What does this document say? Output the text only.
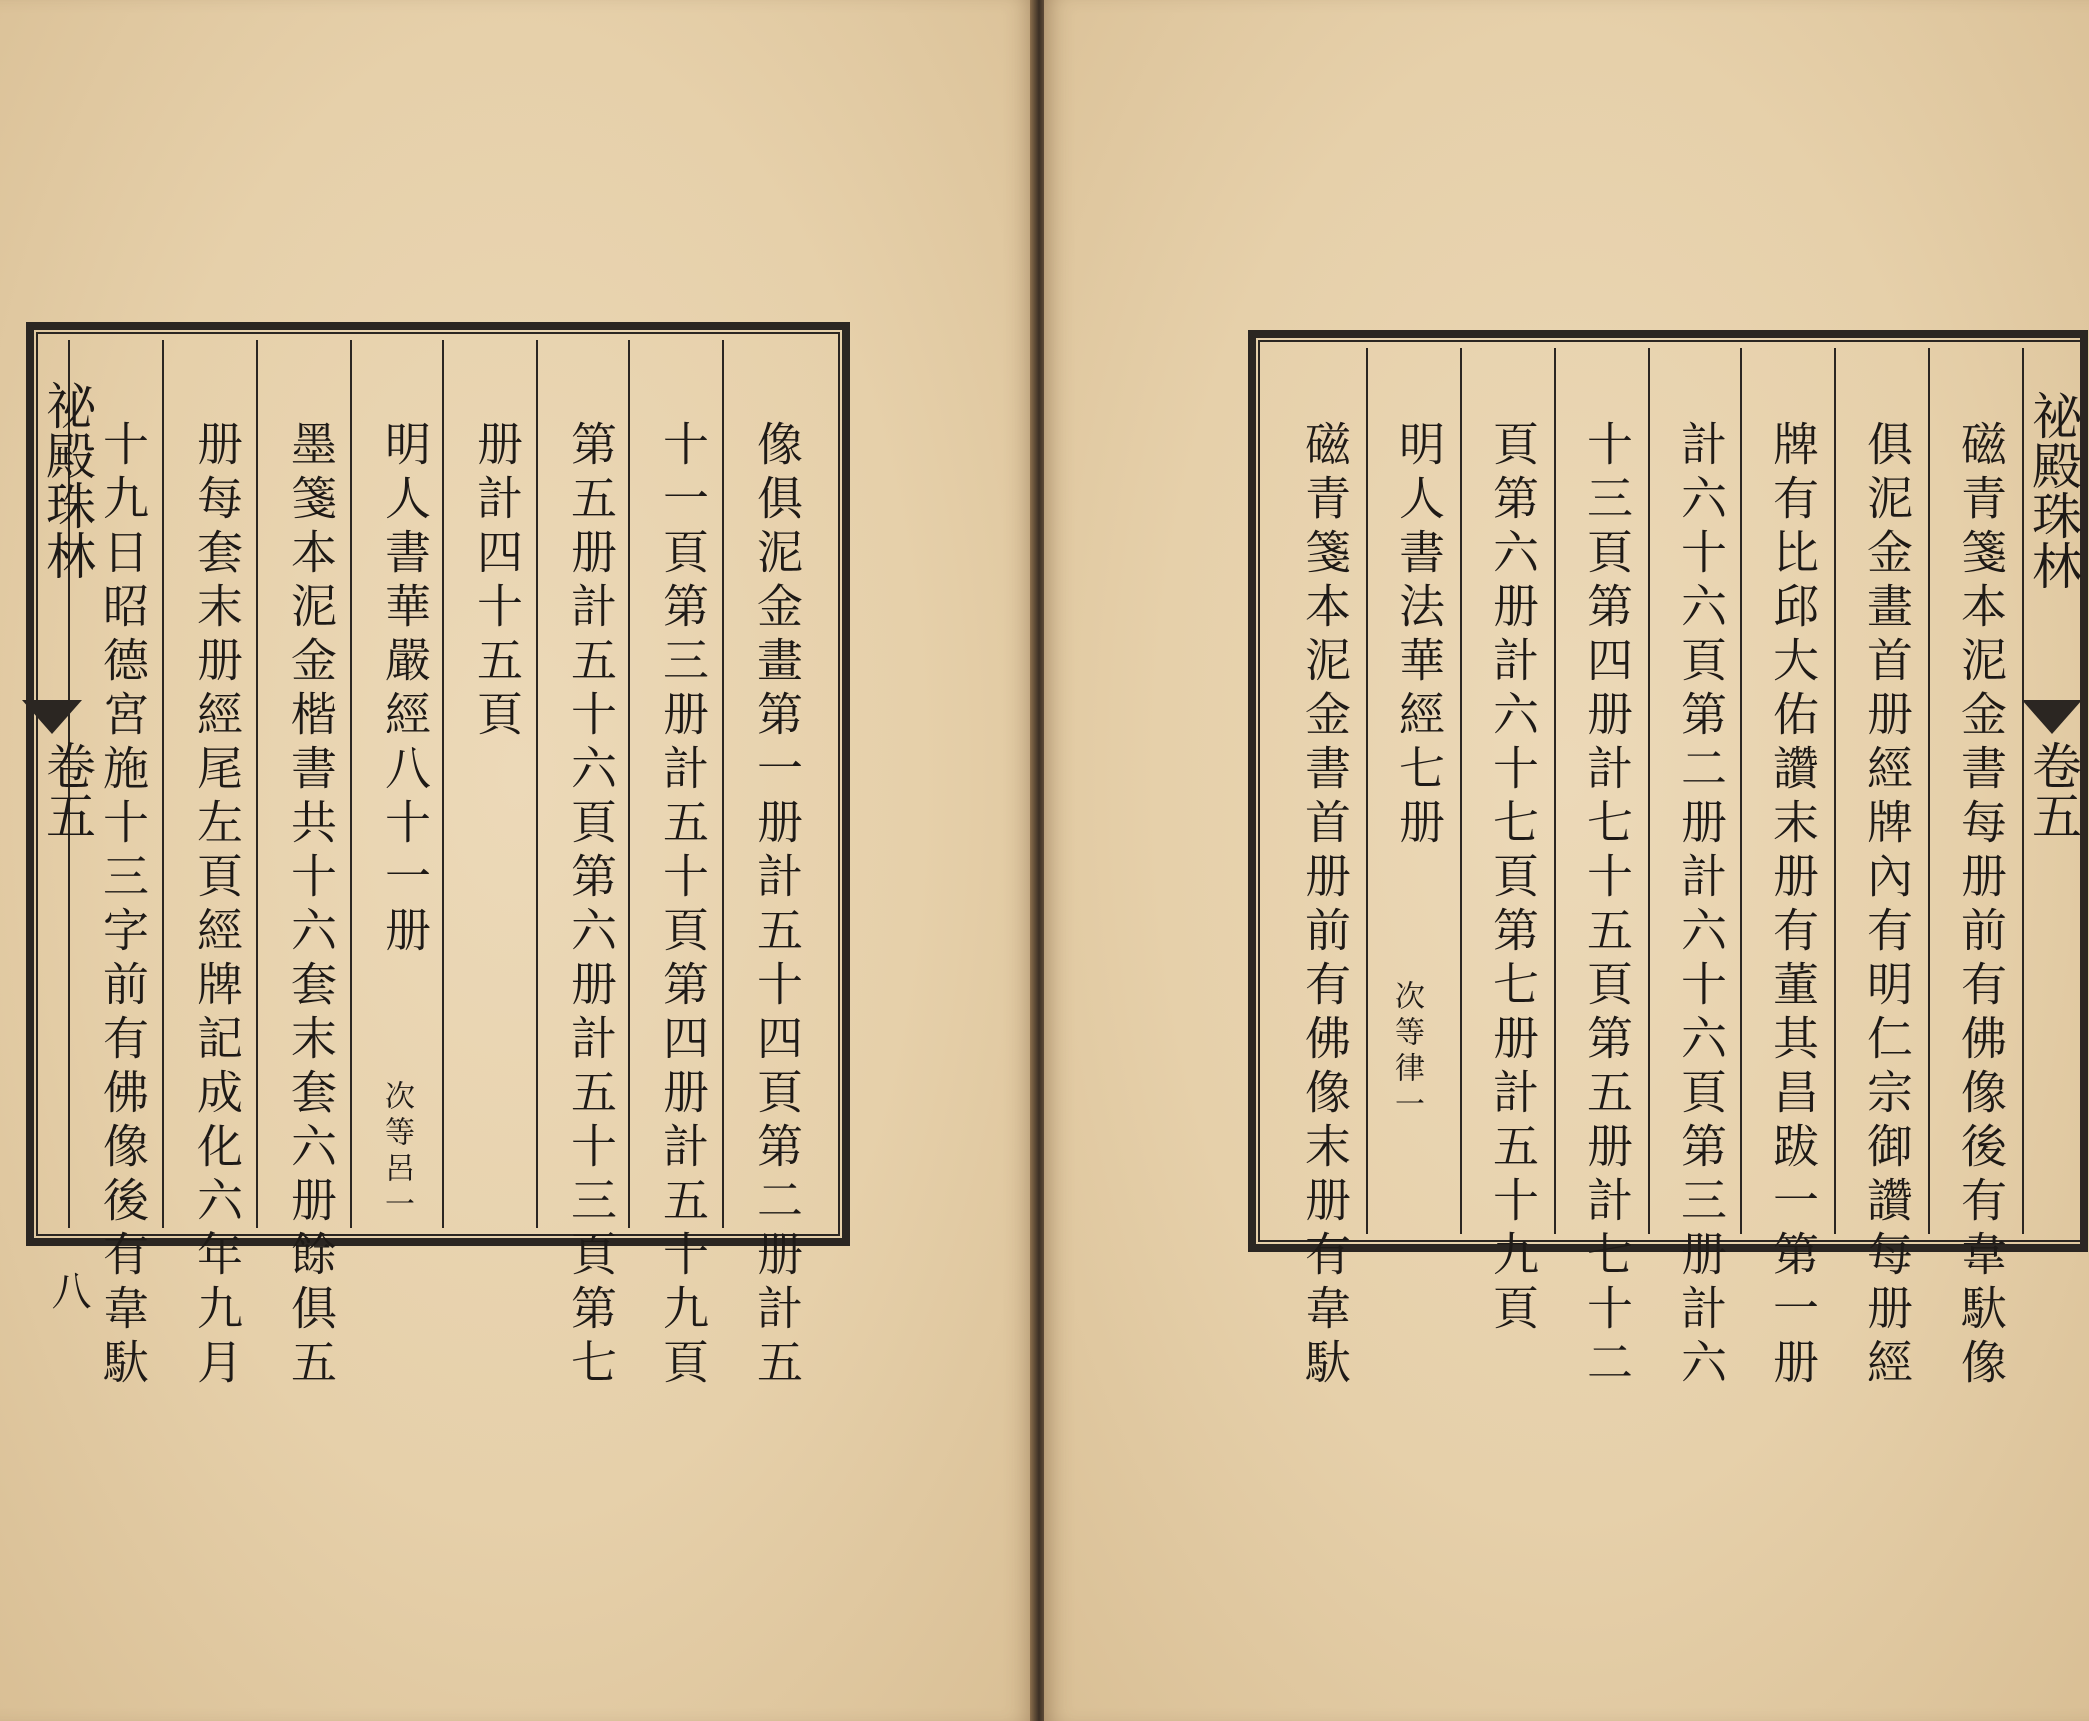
祕殿珠林
卷五
八	像俱泥金畫第一册計五十四頁第二册計五
十一頁第三册計五十頁第四册計五十九頁
第五册計五十六頁第六册計五十三頁第七
册計四十五頁
明人書華嚴經八十一册
次等呂一
墨箋本泥金楷書共十六套末套六册餘俱五
册每套末册經尾左頁經牌記成化六年九月
十九日昭德宮施十三字前有佛像後有韋馱	祕殿珠林
卷五
磁青箋本泥金書每册前有佛像後有韋馱像
俱泥金畫首册經牌內有明仁宗御讚每册經
牌有比邱大佑讚末册有董其昌跋一第一册
計六十六頁第二册計六十六頁第三册計六
十三頁第四册計七十五頁第五册計七十二
頁第六册計六十七頁第七册計五十九頁
明人書法華經七册
次等律一
磁青箋本泥金書首册前有佛像末册有韋馱
